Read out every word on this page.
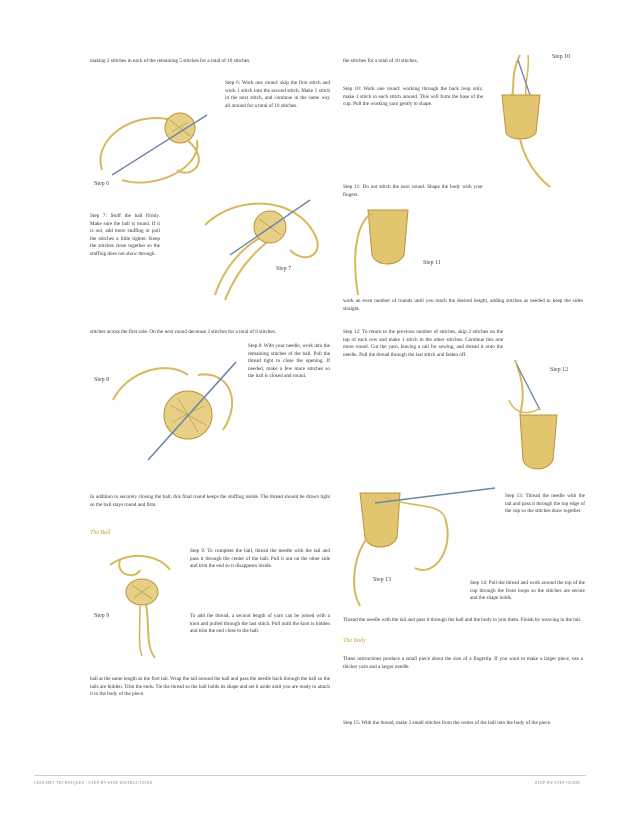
making 2 stitches in each of the remaining 5 stitches for a total of 10 stitches.
Step 6: Work one round: skip the first stitch and work 1 stitch into the second stitch. Make 1 stitch in the next stitch, and continue in the same way all around for a total of 10 stitches.
Step 7: Stuff the ball firmly. Make sure the ball is round. If it is not, add more stuffing or pull the stitches a little tighter. Keep the stitches close together so the stuffing does not show through.
stitches across the first side. On the next round decrease 2 stitches for a total of 8 stitches.
Step 8: With your needle, work into the remaining stitches of the ball. Pull the thread tight to close the opening. If needed, make a few more stitches so the ball is closed and round.
In addition to securely closing the ball, this final round keeps the stuffing inside. The thread should be drawn tight so the ball stays round and firm.
The Ball
Step 9: To complete the ball, thread the needle with the tail and pass it through the center of the ball. Pull it out on the other side and trim the end so it disappears inside.
To add the thread, a second length of yarn can be joined with a knot and pulled through the last stitch. Pull until the knot is hidden and trim the end close to the ball.
ball at the same length as the first tail. Wrap the tail around the ball and pass the needle back through the ball so the tails are hidden. Trim the ends. Tie the thread so the ball holds its shape and set it aside until you are ready to attach it to the body of the piece.
the stitches for a total of 10 stitches.
Step 10: Work one round: working through the back loop only, make 1 stitch in each stitch around. This will form the base of the cup. Pull the working yarn gently to shape.
Step 11: Do not stitch the next round. Shape the body with your fingers.
work an even number of rounds until you reach the desired height, adding stitches as needed to keep the sides straight.
Step 12: To return to the previous number of stitches, skip 2 stitches on the top of each row and make 1 stitch in the other stitches. Continue this one more round. Cut the yarn, leaving a tail for sewing, and thread it onto the needle. Pull the thread through the last stitch and fasten off.
Step 13: Thread the needle with the tail and pass it through the top edge of the cup so the stitches draw together.
Step 14: Pull the thread and work around the top of the cup through the front loops so the stitches are secure and the shape holds.
Thread the needle with the tail and pass it through the ball and the body to join them. Finish by weaving in the tail.
The Body
These instructions produce a small piece about the size of a fingertip. If you want to make a larger piece, use a thicker yarn and a larger needle.
Step 15: With the thread, make 3 small stitches from the center of the ball into the body of the piece.
Step 6
Step 7
Step 8
Step 9
Step 10
Step 11
Step 12
Step 13
CROCHET TECHNIQUES · STEP-BY-STEP INSTRUCTIONS	STEP-BY-STEP GUIDE
